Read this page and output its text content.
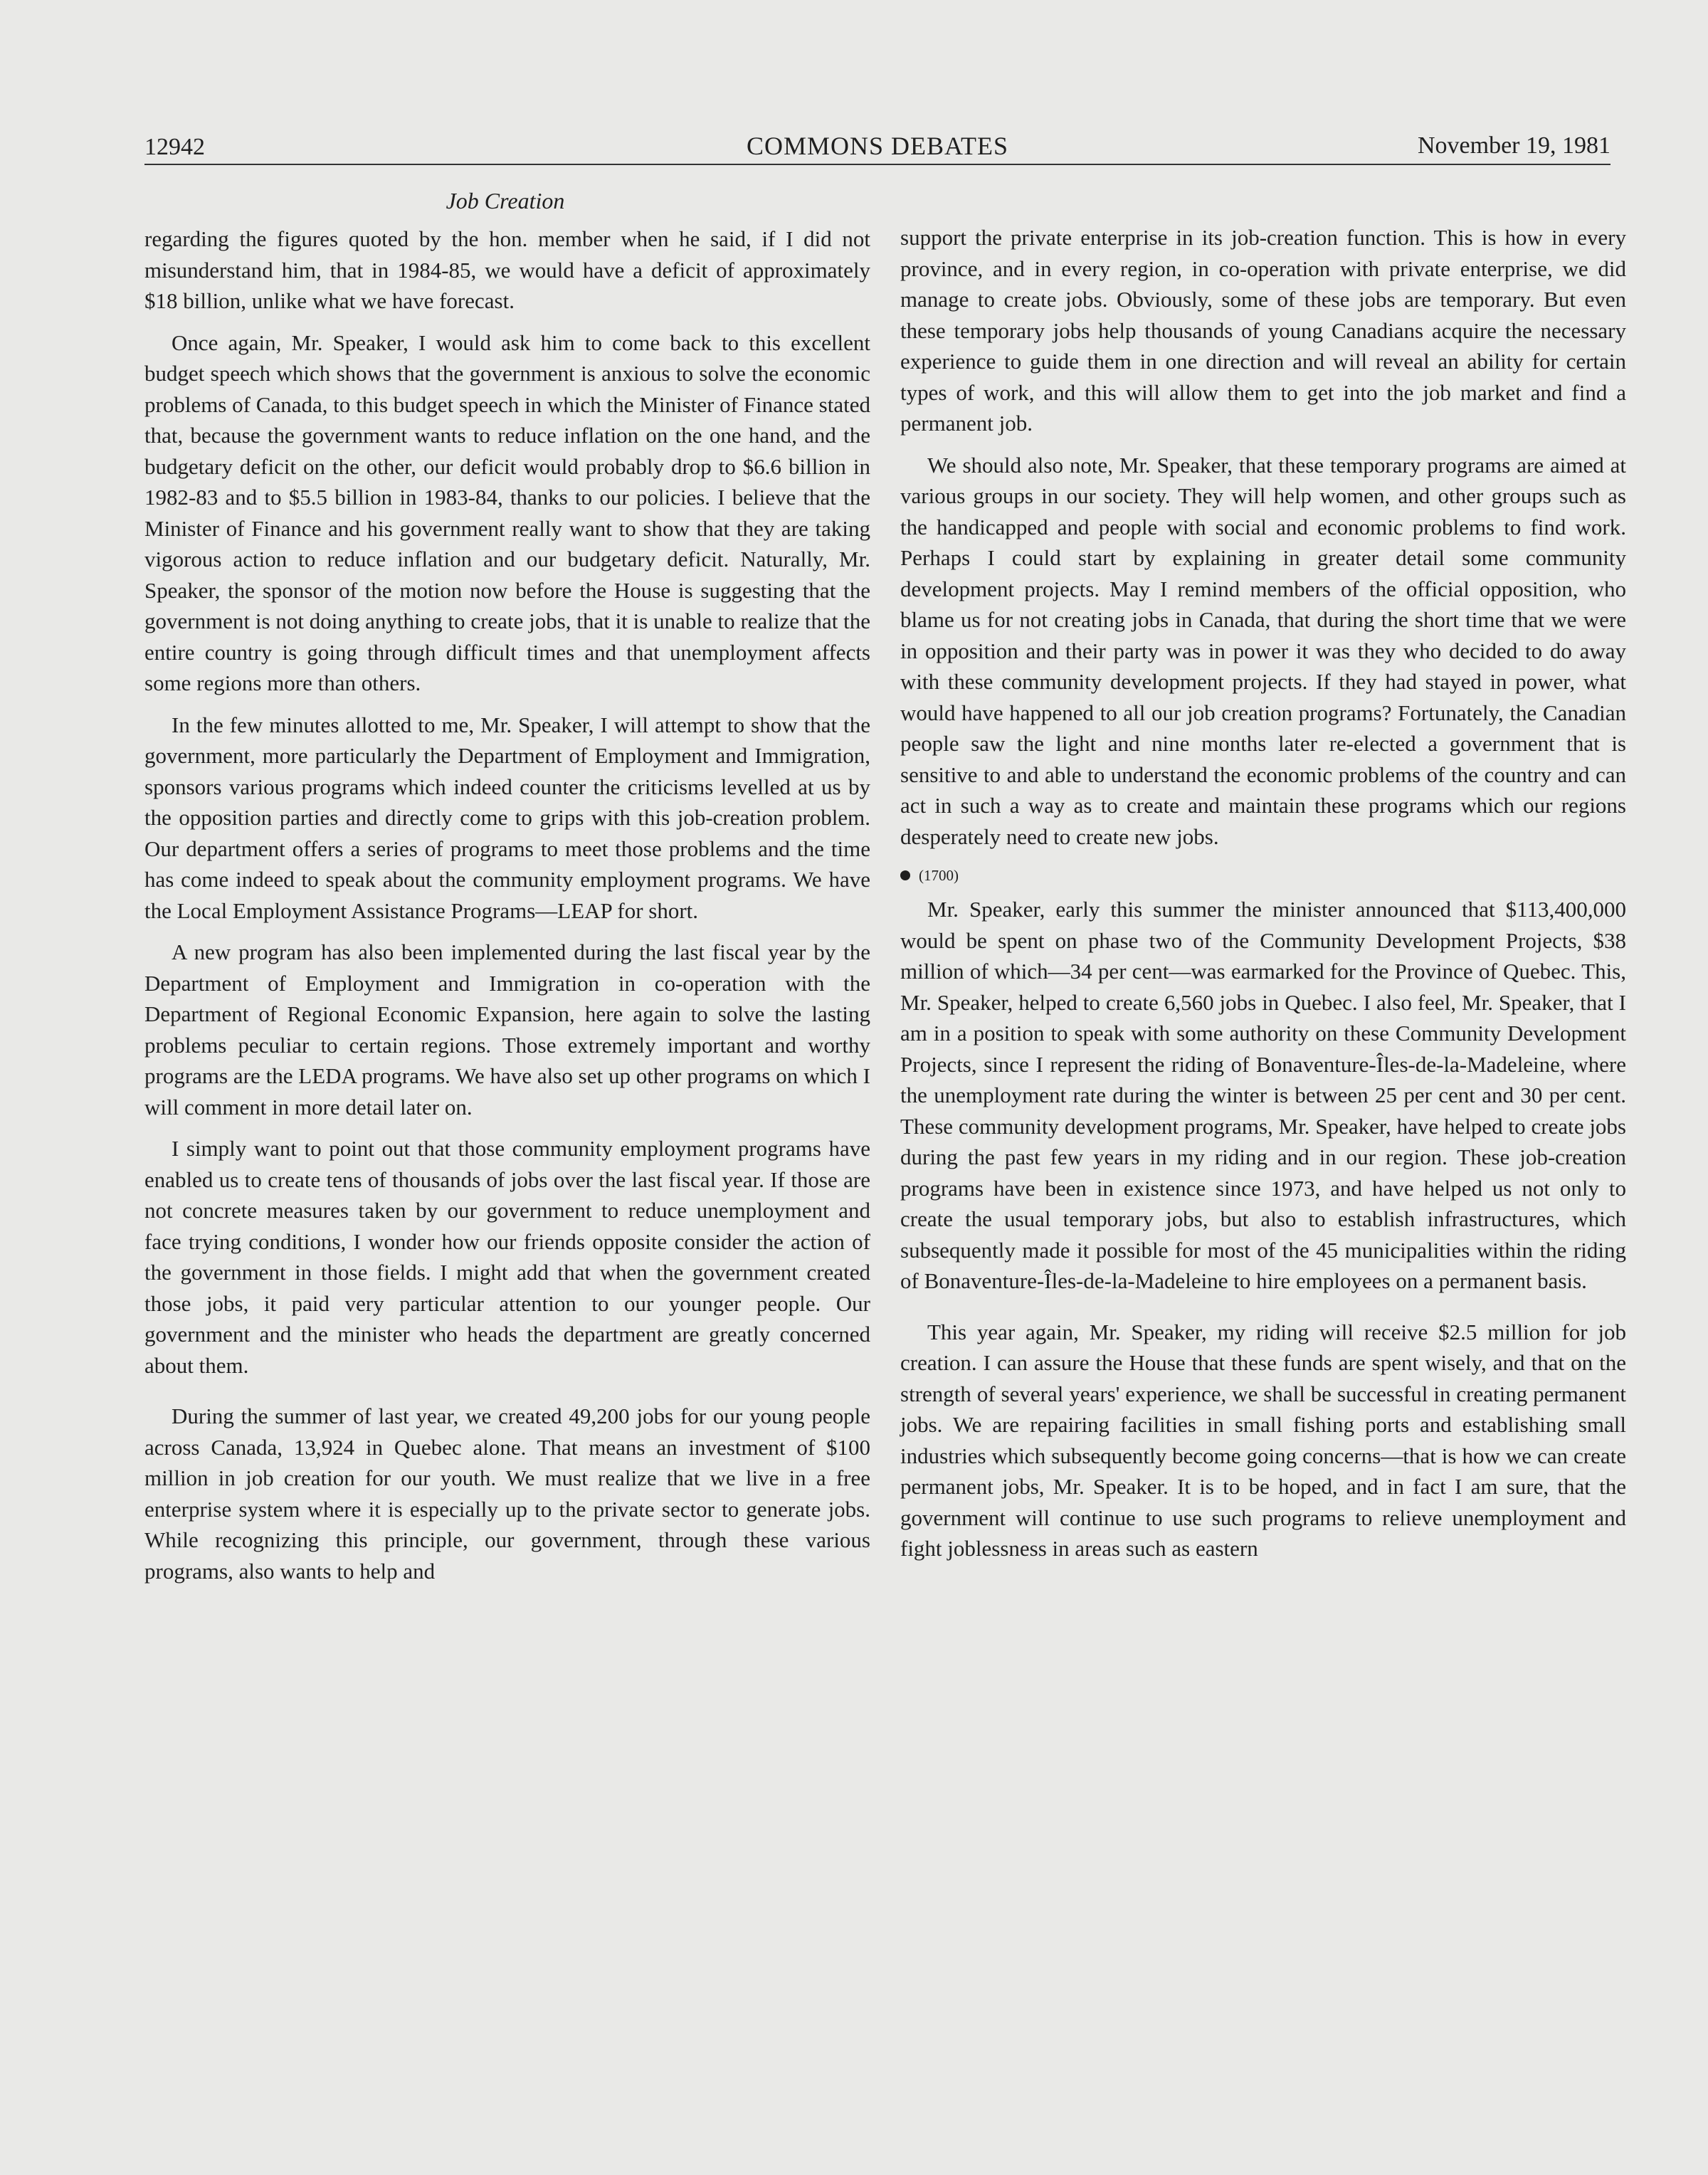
12942	COMMONS DEBATES	November 19, 1981
Job Creation

regarding the figures quoted by the hon. member when he said, if I did not misunderstand him, that in 1984-85, we would have a deficit of approximately $18 billion, unlike what we have forecast.

Once again, Mr. Speaker, I would ask him to come back to this excellent budget speech which shows that the government is anxious to solve the economic problems of Canada, to this budget speech in which the Minister of Finance stated that, because the government wants to reduce inflation on the one hand, and the budgetary deficit on the other, our deficit would probably drop to $6.6 billion in 1982-83 and to $5.5 billion in 1983-84, thanks to our policies. I believe that the Minister of Finance and his government really want to show that they are taking vigorous action to reduce inflation and our budgetary deficit. Naturally, Mr. Speaker, the sponsor of the motion now before the House is suggesting that the government is not doing anything to create jobs, that it is unable to realize that the entire country is going through difficult times and that unemployment affects some regions more than others.

In the few minutes allotted to me, Mr. Speaker, I will attempt to show that the government, more particularly the Department of Employment and Immigration, sponsors various programs which indeed counter the criticisms levelled at us by the opposition parties and directly come to grips with this job-creation problem. Our department offers a series of programs to meet those problems and the time has come indeed to speak about the community employment programs. We have the Local Employment Assistance Programs—LEAP for short.

A new program has also been implemented during the last fiscal year by the Department of Employment and Immigration in co-operation with the Department of Regional Economic Expansion, here again to solve the lasting problems peculiar to certain regions. Those extremely important and worthy programs are the LEDA programs. We have also set up other programs on which I will comment in more detail later on.

I simply want to point out that those community employment programs have enabled us to create tens of thousands of jobs over the last fiscal year. If those are not concrete measures taken by our government to reduce unemployment and face trying conditions, I wonder how our friends opposite consider the action of the government in those fields. I might add that when the government created those jobs, it paid very particular attention to our younger people. Our government and the minister who heads the department are greatly concerned about them.

During the summer of last year, we created 49,200 jobs for our young people across Canada, 13,924 in Quebec alone. That means an investment of $100 million in job creation for our youth. We must realize that we live in a free enterprise system where it is especially up to the private sector to generate jobs. While recognizing this principle, our government, through these various programs, also wants to help and

support the private enterprise in its job-creation function. This is how in every province, and in every region, in co-operation with private enterprise, we did manage to create jobs. Obviously, some of these jobs are temporary. But even these temporary jobs help thousands of young Canadians acquire the necessary experience to guide them in one direction and will reveal an ability for certain types of work, and this will allow them to get into the job market and find a permanent job.

We should also note, Mr. Speaker, that these temporary programs are aimed at various groups in our society. They will help women, and other groups such as the handicapped and people with social and economic problems to find work. Perhaps I could start by explaining in greater detail some community development projects. May I remind members of the official opposition, who blame us for not creating jobs in Canada, that during the short time that we were in opposition and their party was in power it was they who decided to do away with these community development projects. If they had stayed in power, what would have happened to all our job creation programs? Fortunately, the Canadian people saw the light and nine months later re-elected a government that is sensitive to and able to understand the economic problems of the country and can act in such a way as to create and maintain these programs which our regions desperately need to create new jobs.

(1700)

Mr. Speaker, early this summer the minister announced that $113,400,000 would be spent on phase two of the Community Development Projects, $38 million of which—34 per cent—was earmarked for the Province of Quebec. This, Mr. Speaker, helped to create 6,560 jobs in Quebec. I also feel, Mr. Speaker, that I am in a position to speak with some authority on these Community Development Projects, since I represent the riding of Bonaventure-Îles-de-la-Madeleine, where the unemployment rate during the winter is between 25 per cent and 30 per cent. These community development programs, Mr. Speaker, have helped to create jobs during the past few years in my riding and in our region. These job-creation programs have been in existence since 1973, and have helped us not only to create the usual temporary jobs, but also to establish infrastructures, which subsequently made it possible for most of the 45 municipalities within the riding of Bonaventure-Îles-de-la-Madeleine to hire employees on a permanent basis.

This year again, Mr. Speaker, my riding will receive $2.5 million for job creation. I can assure the House that these funds are spent wisely, and that on the strength of several years' experience, we shall be successful in creating permanent jobs. We are repairing facilities in small fishing ports and establishing small industries which subsequently become going concerns—that is how we can create permanent jobs, Mr. Speaker. It is to be hoped, and in fact I am sure, that the government will continue to use such programs to relieve unemployment and fight joblessness in areas such as eastern
